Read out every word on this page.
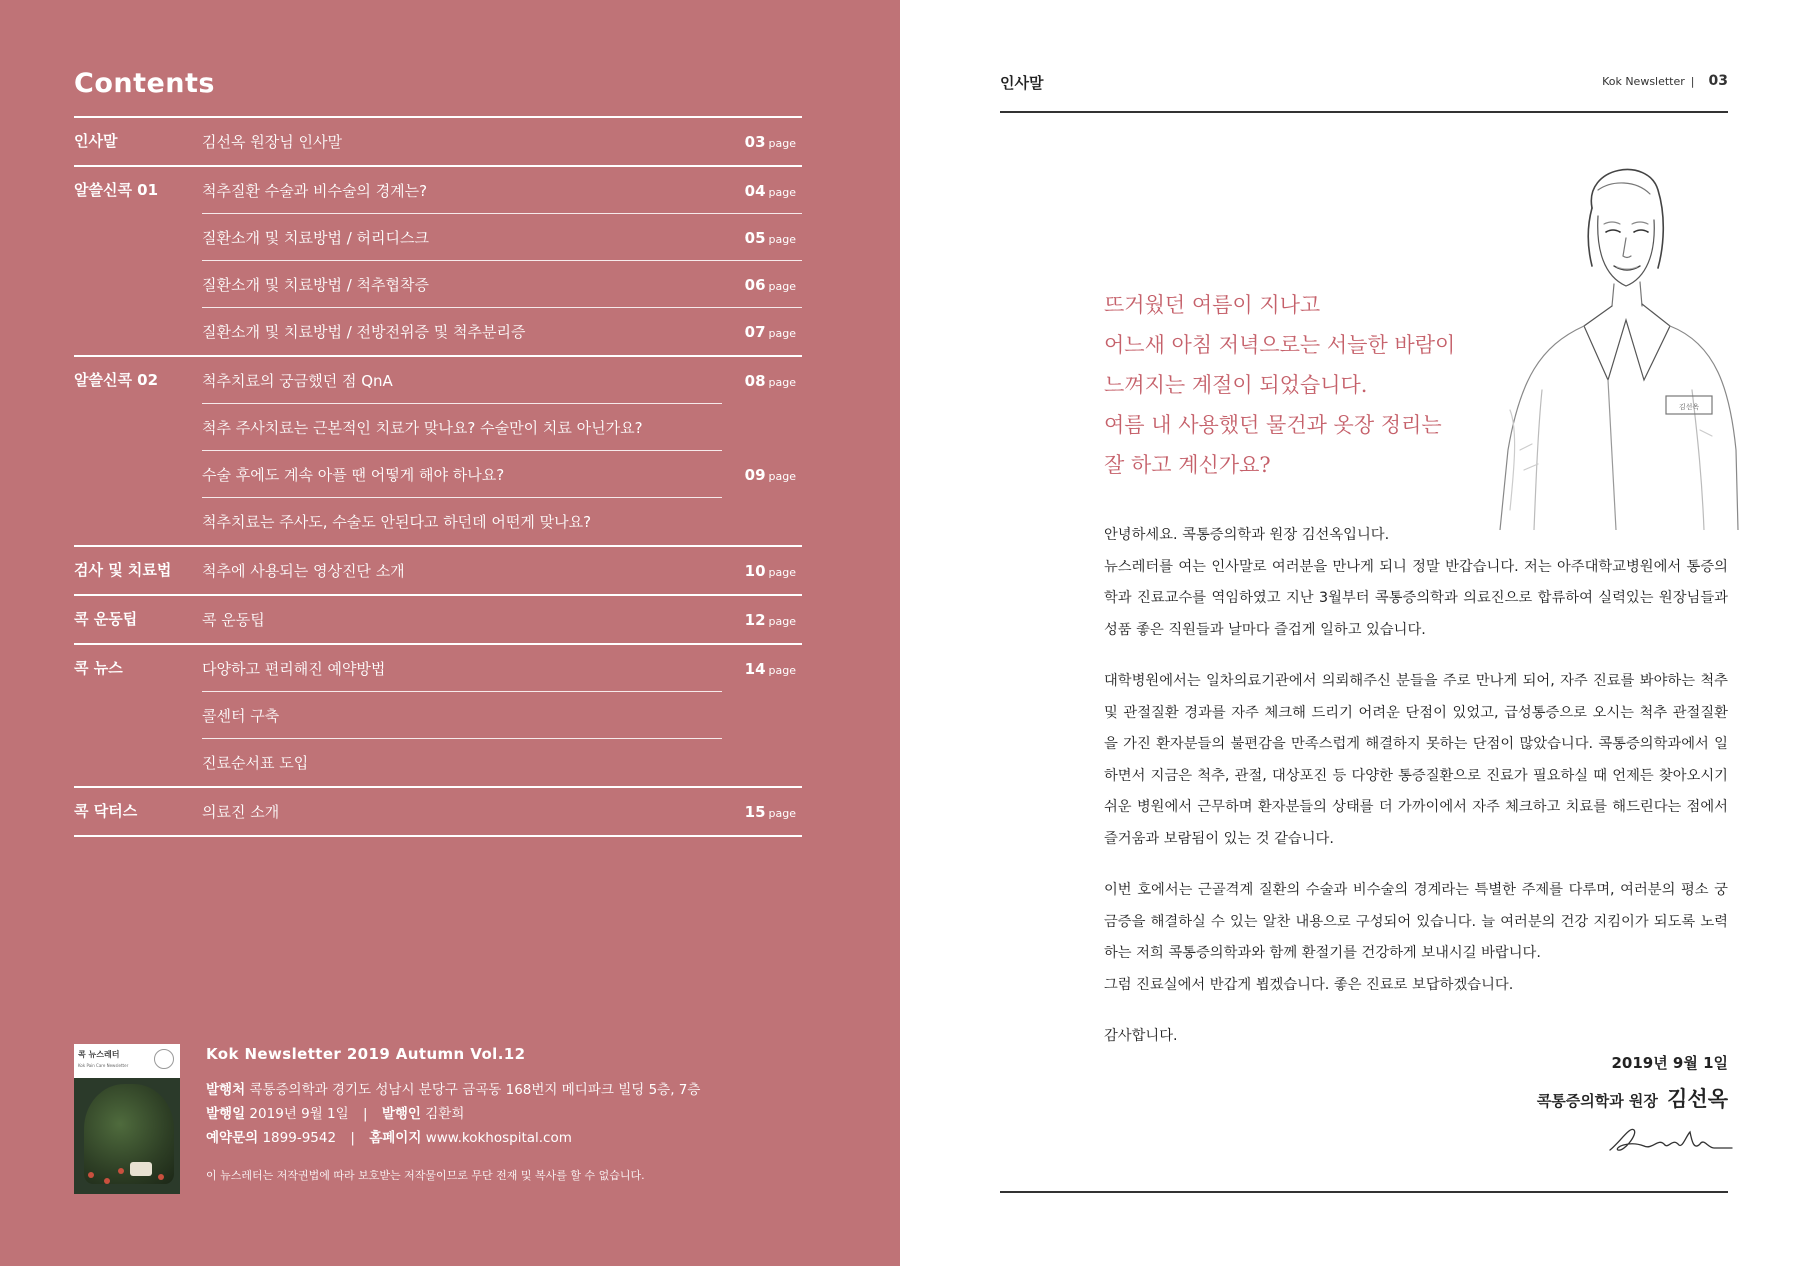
Contents
인사말	김선옥 원장님 인사말	03 page
알쓸신콕 01	척추질환 수술과 비수술의 경계는?	04 page
질환소개 및 치료방법 / 허리디스크	05 page
질환소개 및 치료방법 / 척추협착증	06 page
질환소개 및 치료방법 / 전방전위증 및 척추분리증	07 page
알쓸신콕 02	척추치료의 궁금했던 점 QnA	08 page
척추 주사치료는 근본적인 치료가 맞나요? 수술만이 치료 아닌가요?
수술 후에도 계속 아플 땐 어떻게 해야 하나요?	09 page
척추치료는 주사도, 수술도 안된다고 하던데 어떤게 맞나요?
검사 및 치료법	척추에 사용되는 영상진단 소개	10 page
콕 운동팁	콕 운동팁	12 page
콕 뉴스	다양하고 편리해진 예약방법	14 page
콜센터 구축
진료순서표 도입
콕 닥터스	의료진 소개	15 page
콕 뉴스레터
Kok Pain Care Newsletter
Kok Newsletter 2019 Autumn Vol.12
발행처 콕통증의학과 경기도 성남시 분당구 금곡동 168번지 메디파크 빌딩 5층, 7층
발행일 2019년 9월 1일 | 발행인 김환희
예약문의 1899-9542 | 홈페이지 www.kokhospital.com
이 뉴스레터는 저작권법에 따라 보호받는 저작물이므로 무단 전재 및 복사를 할 수 없습니다.
인사말	Kok Newsletter | 03
뜨거웠던 여름이 지나고
어느새 아침 저녁으로는 서늘한 바람이
느껴지는 계절이 되었습니다.
여름 내 사용했던 물건과 옷장 정리는
잘 하고 계신가요?
김선옥

안녕하세요. 콕통증의학과 원장 김선옥입니다.

뉴스레터를 여는 인사말로 여러분을 만나게 되니 정말 반갑습니다. 저는 아주대학교병원에서 통증의학과 진료교수를 역임하였고 지난 3월부터 콕통증의학과 의료진으로 합류하여 실력있는 원장님들과 성품 좋은 직원들과 날마다 즐겁게 일하고 있습니다.

대학병원에서는 일차의료기관에서 의뢰해주신 분들을 주로 만나게 되어, 자주 진료를 봐야하는 척추 및 관절질환 경과를 자주 체크해 드리기 어려운 단점이 있었고, 급성통증으로 오시는 척추 관절질환을 가진 환자분들의 불편감을 만족스럽게 해결하지 못하는 단점이 많았습니다. 콕통증의학과에서 일하면서 지금은 척추, 관절, 대상포진 등 다양한 통증질환으로 진료가 필요하실 때 언제든 찾아오시기 쉬운 병원에서 근무하며 환자분들의 상태를 더 가까이에서 자주 체크하고 치료를 해드린다는 점에서 즐거움과 보람됨이 있는 것 같습니다.

이번 호에서는 근골격계 질환의 수술과 비수술의 경계라는 특별한 주제를 다루며, 여러분의 평소 궁금증을 해결하실 수 있는 알찬 내용으로 구성되어 있습니다. 늘 여러분의 건강 지킴이가 되도록 노력하는 저희 콕통증의학과와 함께 환절기를 건강하게 보내시길 바랍니다.

그럼 진료실에서 반갑게 뵙겠습니다. 좋은 진료로 보답하겠습니다.

감사합니다.

2019년 9월 1일
콕통증의학과 원장 김선옥
